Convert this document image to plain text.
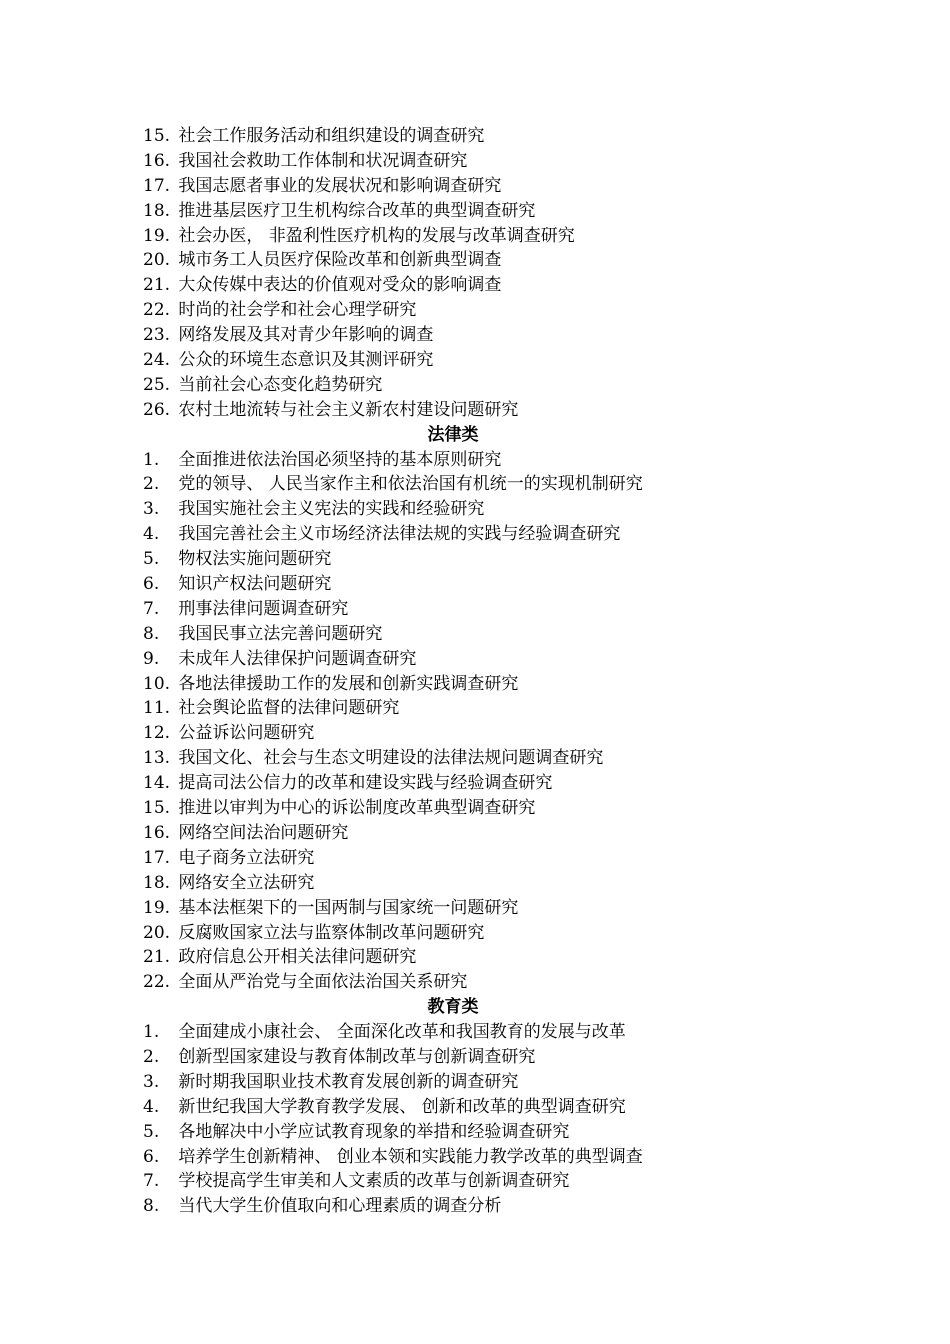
15. 社会工作服务活动和组织建设的调查研究
16. 我国社会救助工作体制和状况调查研究
17. 我国志愿者事业的发展状况和影响调查研究
18. 推进基层医疗卫生机构综合改革的典型调查研究
19. 社会办医， 非盈利性医疗机构的发展与改革调查研究
20. 城市务工人员医疗保险改革和创新典型调查
21. 大众传媒中表达的价值观对受众的影响调查
22. 时尚的社会学和社会心理学研究
23. 网络发展及其对青少年影响的调查
24. 公众的环境生态意识及其测评研究
25. 当前社会心态变化趋势研究
26. 农村土地流转与社会主义新农村建设问题研究
法律类
1. 全面推进依法治国必须坚持的基本原则研究
2. 党的领导、 人民当家作主和依法治国有机统一的实现机制研究
3. 我国实施社会主义宪法的实践和经验研究
4. 我国完善社会主义市场经济法律法规的实践与经验调查研究
5. 物权法实施问题研究
6. 知识产权法问题研究
7. 刑事法律问题调查研究
8. 我国民事立法完善问题研究
9. 未成年人法律保护问题调查研究
10. 各地法律援助工作的发展和创新实践调查研究
11. 社会舆论监督的法律问题研究
12. 公益诉讼问题研究
13. 我国文化、社会与生态文明建设的法律法规问题调查研究
14. 提高司法公信力的改革和建设实践与经验调查研究
15. 推进以审判为中心的诉讼制度改革典型调查研究
16. 网络空间法治问题研究
17. 电子商务立法研究
18. 网络安全立法研究
19. 基本法框架下的一国两制与国家统一问题研究
20. 反腐败国家立法与监察体制改革问题研究
21. 政府信息公开相关法律问题研究
22. 全面从严治党与全面依法治国关系研究
教育类
1. 全面建成小康社会、 全面深化改革和我国教育的发展与改革
2. 创新型国家建设与教育体制改革与创新调查研究
3. 新时期我国职业技术教育发展创新的调查研究
4. 新世纪我国大学教育教学发展、 创新和改革的典型调查研究
5. 各地解决中小学应试教育现象的举措和经验调查研究
6. 培养学生创新精神、 创业本领和实践能力教学改革的典型调查
7. 学校提高学生审美和人文素质的改革与创新调查研究
8. 当代大学生价值取向和心理素质的调查分析
